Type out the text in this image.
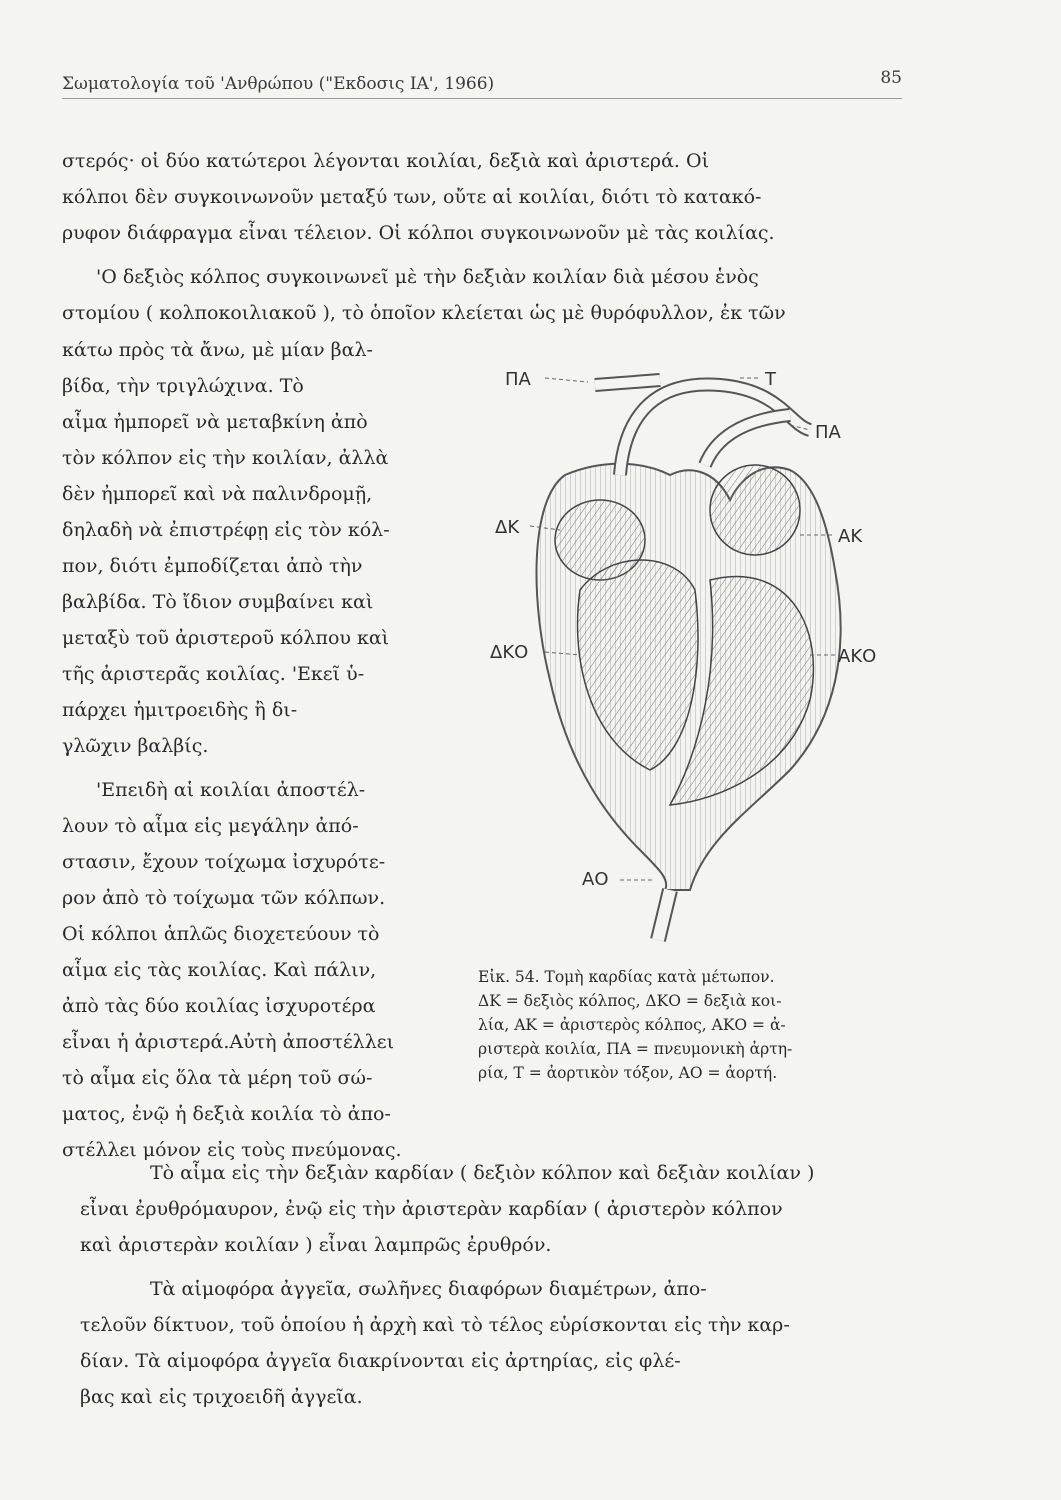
Σωματολογία τοῦ 'Ανθρώπου ("Εκδοσις ΙΑ', 1966)	85
στερός· οἱ δύο κατώτεροι λέγονται κοιλίαι, δεξιὰ καὶ ἀριστερά. Οἱ
κόλποι δὲν συγκοινωνοῦν μεταξύ των, οὔτε αἱ κοιλίαι, διότι τὸ κατακό-
ρυφον διάφραγμα εἶναι τέλειον. Οἱ κόλποι συγκοινωνοῦν μὲ τὰς κοιλίας.
'Ο δεξιὸς κόλπος συγκοινωνεῖ μὲ τὴν δεξιὰν κοιλίαν διὰ μέσου ἑνὸς
στομίου ( κολποκοιλιακοῦ ), τὸ ὁποῖον κλείεται ὡς μὲ θυρόφυλλον, ἐκ τῶν
κάτω πρὸς τὰ ἄνω, μὲ μίαν βαλ-
βίδα, τὴν τριγλώχινα. Τὸ
αἷμα ἠμπορεῖ νὰ μεταβκίνη ἀπὸ
τὸν κόλπον εἰς τὴν κοιλίαν, ἀλλὰ
δὲν ἠμπορεῖ καὶ νὰ παλινδρομῇ,
δηλαδὴ νὰ ἐπιστρέφῃ εἰς τὸν κόλ-
πον, διότι ἐμποδίζεται ἀπὸ τὴν
βαλβίδα. Τὸ ἴδιον συμβαίνει καὶ
μεταξὺ τοῦ ἀριστεροῦ κόλπου καὶ
τῆς ἀριστερᾶς κοιλίας. 'Εκεῖ ὑ-
πάρχει ἡμιτροειδὴς ἢ δι-
γλῶχιν βαλβίς.
'Επειδὴ αἱ κοιλίαι ἀποστέλ-
λουν τὸ αἷμα εἰς μεγάλην ἀπό-
στασιν, ἔχουν τοίχωμα ἰσχυρότε-
ρον ἀπὸ τὸ τοίχωμα τῶν κόλπων.
Οἱ κόλποι ἁπλῶς διοχετεύουν τὸ
αἷμα εἰς τὰς κοιλίας. Καὶ πάλιν,
ἀπὸ τὰς δύο κοιλίας ἰσχυροτέρα
εἶναι ἡ ἀριστερά.Αὐτὴ ἀποστέλλει
τὸ αἷμα εἰς ὅλα τὰ μέρη τοῦ σώ-
ματος, ἐνῷ ἡ δεξιὰ κοιλία τὸ ἀπο-
στέλλει μόνον εἰς τοὺς πνεύμονας.
ΠΑ	Τ
ΠΑ
ΔΚ	ΑΚ
ΔΚΟ	ΑΚΟ
ΑΟ
Εἰκ. 54. Τομὴ καρδίας κατὰ μέτωπον.
ΔΚ = δεξιὸς κόλπος, ΔΚΟ = δεξιὰ κοι-
λία, ΑΚ = ἀριστερὸς κόλπος, ΑΚΟ = ἀ-
ριστερὰ κοιλία, ΠΑ = πνευμονικὴ ἀρτη-
ρία, Τ = ἀορτικὸν τόξον, ΑΟ = ἀορτή.
Τὸ αἷμα εἰς τὴν δεξιὰν καρδίαν ( δεξιὸν κόλπον καὶ δεξιὰν κοιλίαν )
εἶναι ἐρυθρόμαυρον, ἐνῷ εἰς τὴν ἀριστερὰν καρδίαν ( ἀριστερὸν κόλπον
καὶ ἀριστερὰν κοιλίαν ) εἶναι λαμπρῶς ἐρυθρόν.
Τὰ αἱμοφόρα ἀγγεῖα, σωλῆνες διαφόρων διαμέτρων, ἀπο-
τελοῦν δίκτυον, τοῦ ὁποίου ἡ ἀρχὴ καὶ τὸ τέλος εὑρίσκονται εἰς τὴν καρ-
δίαν. Τὰ αἱμοφόρα ἀγγεῖα διακρίνονται εἰς ἀρτηρίας, εἰς φλέ-
βας καὶ εἰς τριχοειδῆ ἀγγεῖα.
